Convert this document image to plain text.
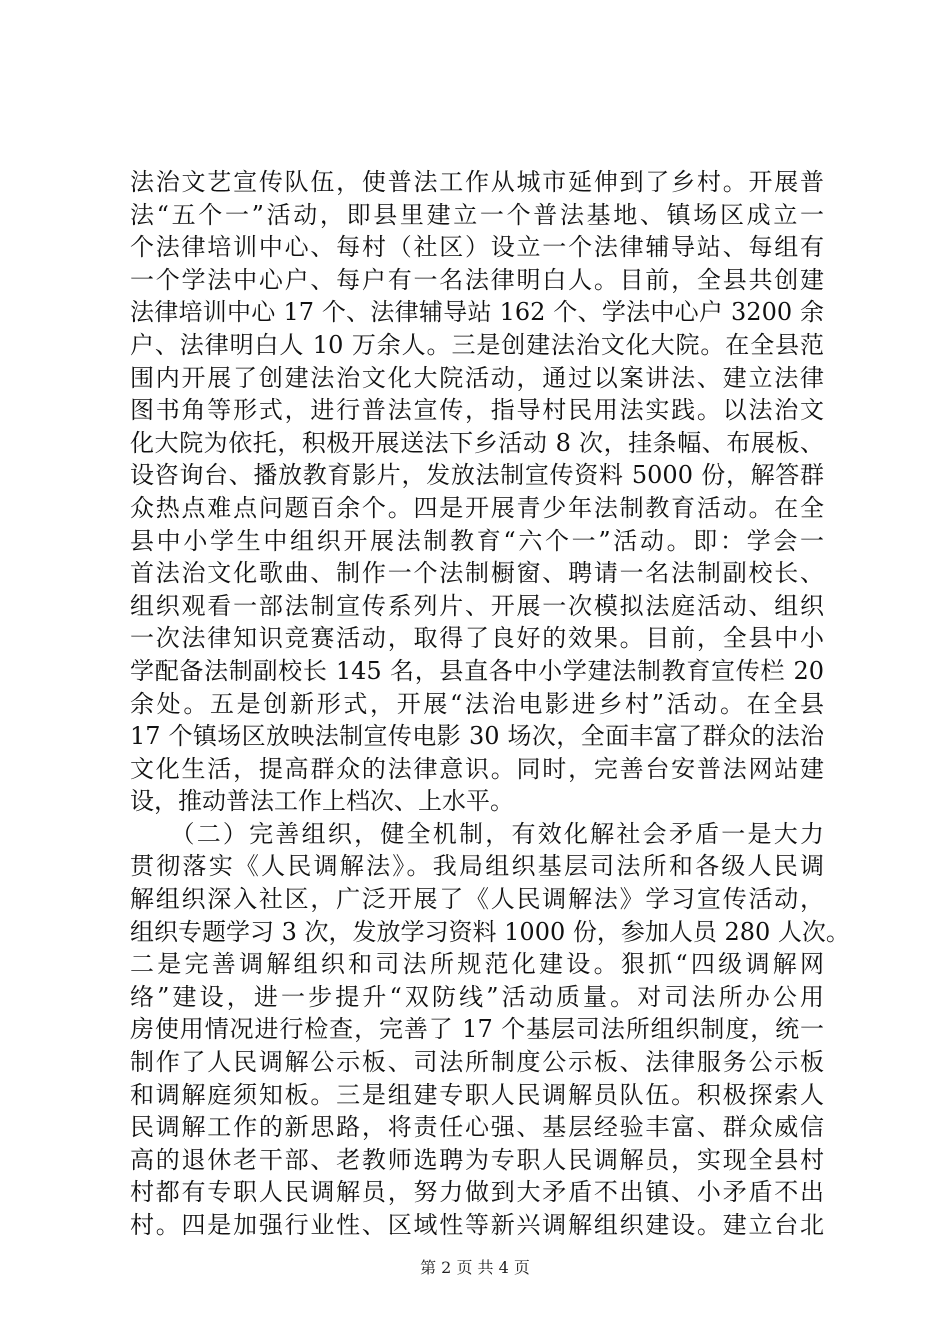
法治文艺宣传队伍，使普法工作从城市延伸到了乡村。开展普
法“五个一”活动，即县里建立一个普法基地、镇场区成立一
个法律培训中心、每村（社区）设立一个法律辅导站、每组有
一个学法中心户、每户有一名法律明白人。目前，全县共创建
法律培训中心 17 个、法律辅导站 162 个、学法中心户 3200 余
户、法律明白人 10 万余人。三是创建法治文化大院。在全县范
围内开展了创建法治文化大院活动，通过以案讲法、建立法律
图书角等形式，进行普法宣传，指导村民用法实践。以法治文
化大院为依托，积极开展送法下乡活动 8 次，挂条幅、布展板、
设咨询台、播放教育影片，发放法制宣传资料 5000 份，解答群
众热点难点问题百余个。四是开展青少年法制教育活动。在全
县中小学生中组织开展法制教育“六个一”活动。即：学会一
首法治文化歌曲、制作一个法制橱窗、聘请一名法制副校长、
组织观看一部法制宣传系列片、开展一次模拟法庭活动、组织
一次法律知识竞赛活动，取得了良好的效果。目前，全县中小
学配备法制副校长 145 名，县直各中小学建法制教育宣传栏 20
余处。五是创新形式，开展“法治电影进乡村”活动。在全县
17 个镇场区放映法制宣传电影 30 场次，全面丰富了群众的法治
文化生活，提高群众的法律意识。同时，完善台安普法网站建
设，推动普法工作上档次、上水平。
　　（二）完善组织，健全机制，有效化解社会矛盾一是大力
贯彻落实《人民调解法》。我局组织基层司法所和各级人民调
解组织深入社区，广泛开展了《人民调解法》学习宣传活动，
组织专题学习 3 次，发放学习资料 1000 份，参加人员 280 人次。
二是完善调解组织和司法所规范化建设。狠抓“四级调解网
络”建设，进一步提升“双防线”活动质量。对司法所办公用
房使用情况进行检查，完善了 17 个基层司法所组织制度，统一
制作了人民调解公示板、司法所制度公示板、法律服务公示板
和调解庭须知板。三是组建专职人民调解员队伍。积极探索人
民调解工作的新思路，将责任心强、基层经验丰富、群众威信
高的退休老干部、老教师选聘为专职人民调解员，实现全县村
村都有专职人民调解员，努力做到大矛盾不出镇、小矛盾不出
村。四是加强行业性、区域性等新兴调解组织建设。建立台北
第 2 页 共 4 页
